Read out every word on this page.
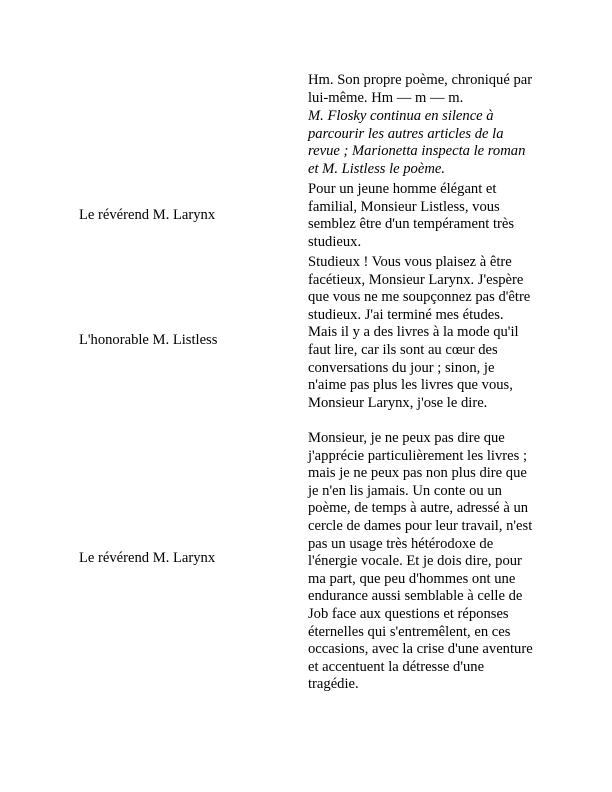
Hm. Son propre poème, chroniqué par lui-même. Hm — m — m.
M. Flosky continua en silence à parcourir les autres articles de la revue ; Marionetta inspecta le roman et M. Listless le poème.
Le révérend M. Larynx
Pour un jeune homme élégant et familial, Monsieur Listless, vous semblez être d'un tempérament très studieux.
L'honorable M. Listless
Studieux ! Vous vous plaisez à être facétieux, Monsieur Larynx. J'espère que vous ne me soupçonnez pas d'être studieux. J'ai terminé mes études. Mais il y a des livres à la mode qu'il faut lire, car ils sont au cœur des conversations du jour ; sinon, je n'aime pas plus les livres que vous, Monsieur Larynx, j'ose le dire.
Le révérend M. Larynx
Monsieur, je ne peux pas dire que j'apprécie particulièrement les livres ; mais je ne peux pas non plus dire que je n'en lis jamais. Un conte ou un poème, de temps à autre, adressé à un cercle de dames pour leur travail, n'est pas un usage très hétérodoxe de l'énergie vocale. Et je dois dire, pour ma part, que peu d'hommes ont une endurance aussi semblable à celle de Job face aux questions et réponses éternelles qui s'entremêlent, en ces occasions, avec la crise d'une aventure et accentuent la détresse d'une tragédie.
